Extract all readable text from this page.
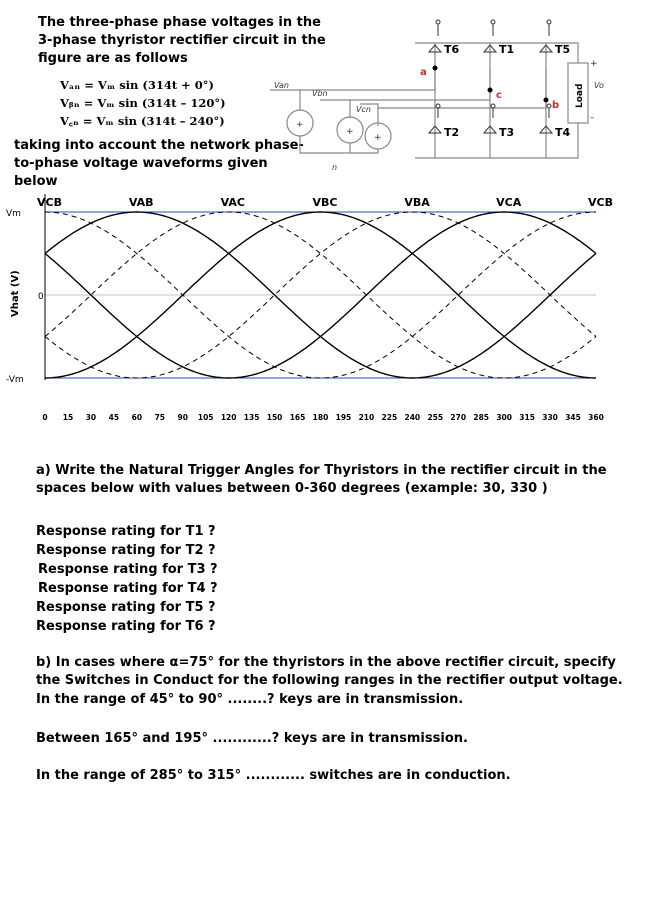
The three-phase phase voltages in the 3-phase thyristor rectifier circuit in the figure are as follows
Vₐₙ = Vₘ sin (314t + 0°)
Vᵦₙ = Vₘ sin (314t – 120°)
V꜀ₙ = Vₘ sin (314t – 240°)
taking into account the network phase-to-phase voltage waveforms given below
T6	T1	T5
T2	T3	T4
a
c
b
Van
Vbn
Vcn
n
Vo
+
–
+
+
+
Load
VCB	VAB	VAC	VBC	VBA	VCA	VCB
Vm
0
-Vm
Vhat (V)
0 15 30 45 60 75 90 105 120 135 150 165 180 195 210 225 240 255 270 285 300 315 330 345 360
a) Write the Natural Trigger Angles for Thyristors in the rectifier circuit in the spaces below with values between 0-360 degrees (example: 30, 330 )
Response rating for T1 ?
Response rating for T2 ?
Response rating for T3 ?
Response rating for T4 ?
Response rating for T5 ?
Response rating for T6 ?
b) In cases where α=75° for the thyristors in the above rectifier circuit, specify the Switches in Conduct for the following ranges in the rectifier output voltage.
In the range of 45° to 90° ........? keys are in transmission.
Between 165° and 195° ............? keys are in transmission.
In the range of 285° to 315° ............ switches are in conduction.
